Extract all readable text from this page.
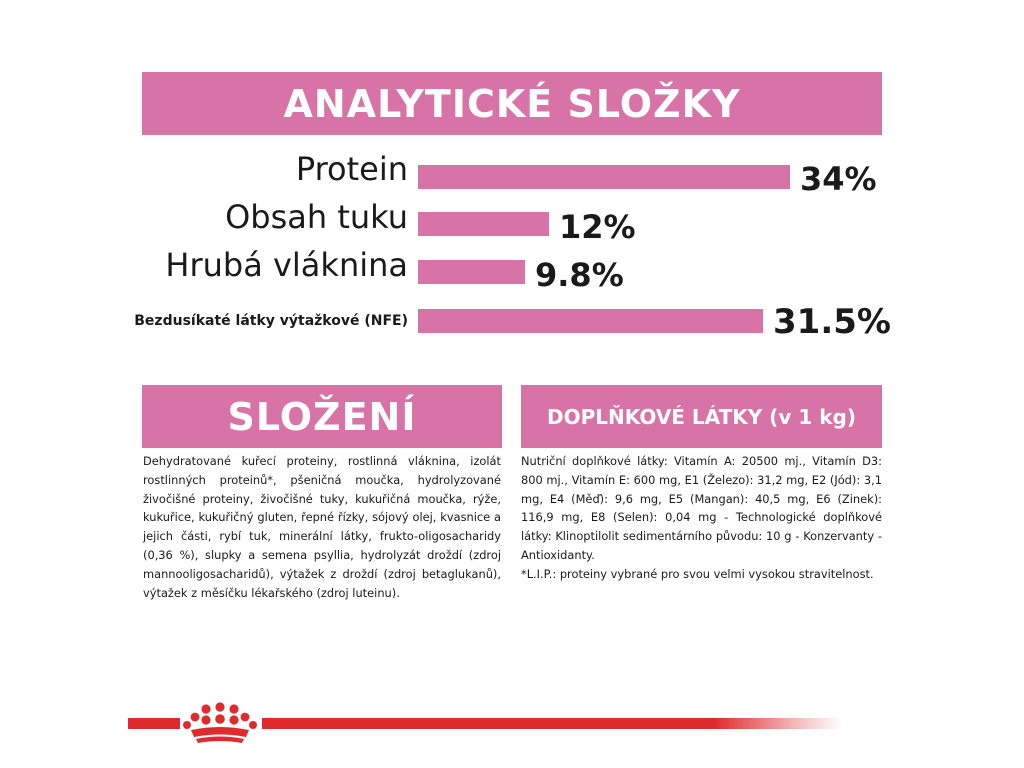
ANALYTICKÉ SLOŽKY
Protein	34%
Obsah tuku	12%
Hrubá vláknina	9.8%
Bezdusíkaté látky výtažkové (NFE)	31.5%
SLOŽENÍ	DOPLŇKOVÉ LÁTKY (v 1 kg)

Dehydratované kuřecí proteiny, rostlinná vláknina, izolát rostlinných proteinů*, pšeničná moučka, hydrolyzované živočišné proteiny, živočišné tuky, kukuřičná moučka, rýže, kukuřice, kukuřičný gluten, řepné řízky, sójový olej, kvasnice a jejich části, rybí tuk, minerální látky, frukto-oligosacharidy (0,36 %), slupky a semena psyllia, hydrolyzát droždí (zdroj mannooligosacharidů), výtažek z droždí (zdroj betaglukanů), výtažek z měsíčku lékařského (zdroj luteinu).

Nutriční doplňkové látky: Vitamín A: 20500 mj., Vitamín D3: 800 mj., Vitamín E: 600 mg, E1 (Železo): 31,2 mg, E2 (Jód): 3,1 mg, E4 (Měď): 9,6 mg, E5 (Mangan): 40,5 mg, E6 (Zinek): 116,9 mg, E8 (Selen): 0,04 mg - Technologické doplňkové látky: Klinoptilolit sedimentárního původu: 10 g - Konzervanty - Antioxidanty.

*L.I.P.: proteiny vybrané pro svou velmi vysokou stravitelnost.
